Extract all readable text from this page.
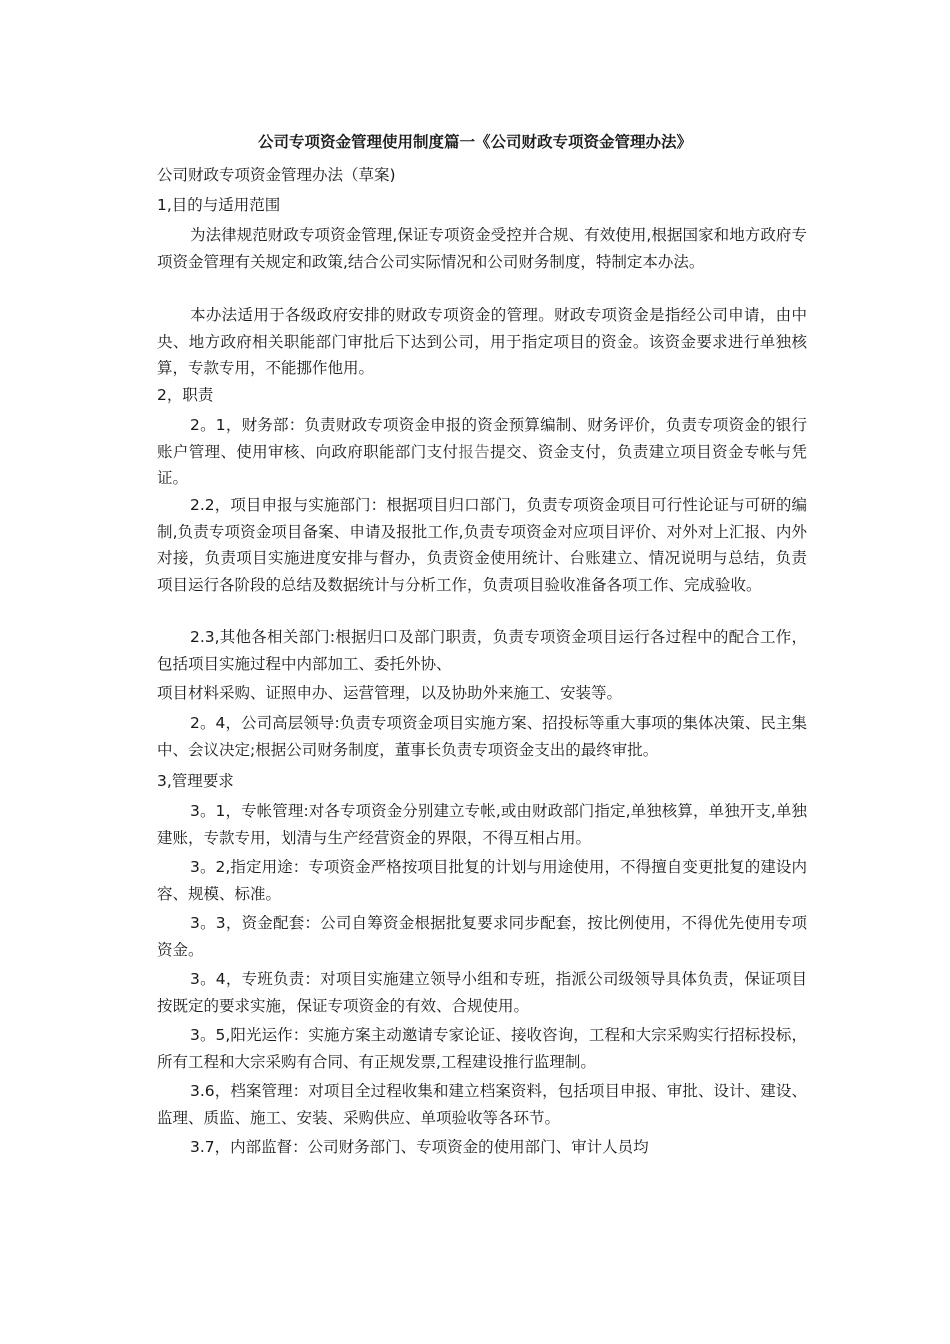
公司专项资金管理使用制度篇一《公司财政专项资金管理办法》

公司财政专项资金管理办法（草案)

1,目的与适用范围

为法律规范财政专项资金管理,保证专项资金受控并合规、有效使用,根据国家和地方政府专项资金管理有关规定和政策,结合公司实际情况和公司财务制度，特制定本办法。

本办法适用于各级政府安排的财政专项资金的管理。财政专项资金是指经公司申请，由中央、地方政府相关职能部门审批后下达到公司，用于指定项目的资金。该资金要求进行单独核算，专款专用，不能挪作他用。

2，职责

2。1，财务部：负责财政专项资金申报的资金预算编制、财务评价，负责专项资金的银行账户管理、使用审核、向政府职能部门支付报告提交、资金支付，负责建立项目资金专帐与凭证。

2.2，项目申报与实施部门：根据项目归口部门，负责专项资金项目可行性论证与可研的编制,负责专项资金项目备案、申请及报批工作,负责专项资金对应项目评价、对外对上汇报、内外对接，负责项目实施进度安排与督办，负责资金使用统计、台账建立、情况说明与总结，负责项目运行各阶段的总结及数据统计与分析工作，负责项目验收准备各项工作、完成验收。

2.3,其他各相关部门:根据归口及部门职责，负责专项资金项目运行各过程中的配合工作，包括项目实施过程中内部加工、委托外协、

项目材料采购、证照申办、运营管理，以及协助外来施工、安装等。

2。4，公司高层领导:负责专项资金项目实施方案、招投标等重大事项的集体决策、民主集中、会议决定;根据公司财务制度，董事长负责专项资金支出的最终审批。

3,管理要求

3。1，专帐管理:对各专项资金分别建立专帐,或由财政部门指定,单独核算，单独开支,单独建账，专款专用，划清与生产经营资金的界限，不得互相占用。

3。2,指定用途：专项资金严格按项目批复的计划与用途使用，不得擅自变更批复的建设内容、规模、标准。

3。3，资金配套：公司自筹资金根据批复要求同步配套，按比例使用，不得优先使用专项资金。

3。4，专班负责：对项目实施建立领导小组和专班，指派公司级领导具体负责，保证项目按既定的要求实施，保证专项资金的有效、合规使用。

3。5,阳光运作：实施方案主动邀请专家论证、接收咨询，工程和大宗采购实行招标投标，所有工程和大宗采购有合同、有正规发票,工程建设推行监理制。

3.6，档案管理：对项目全过程收集和建立档案资料，包括项目申报、审批、设计、建设、监理、质监、施工、安装、采购供应、单项验收等各环节。

3.7，内部监督：公司财务部门、专项资金的使用部门、审计人员均
